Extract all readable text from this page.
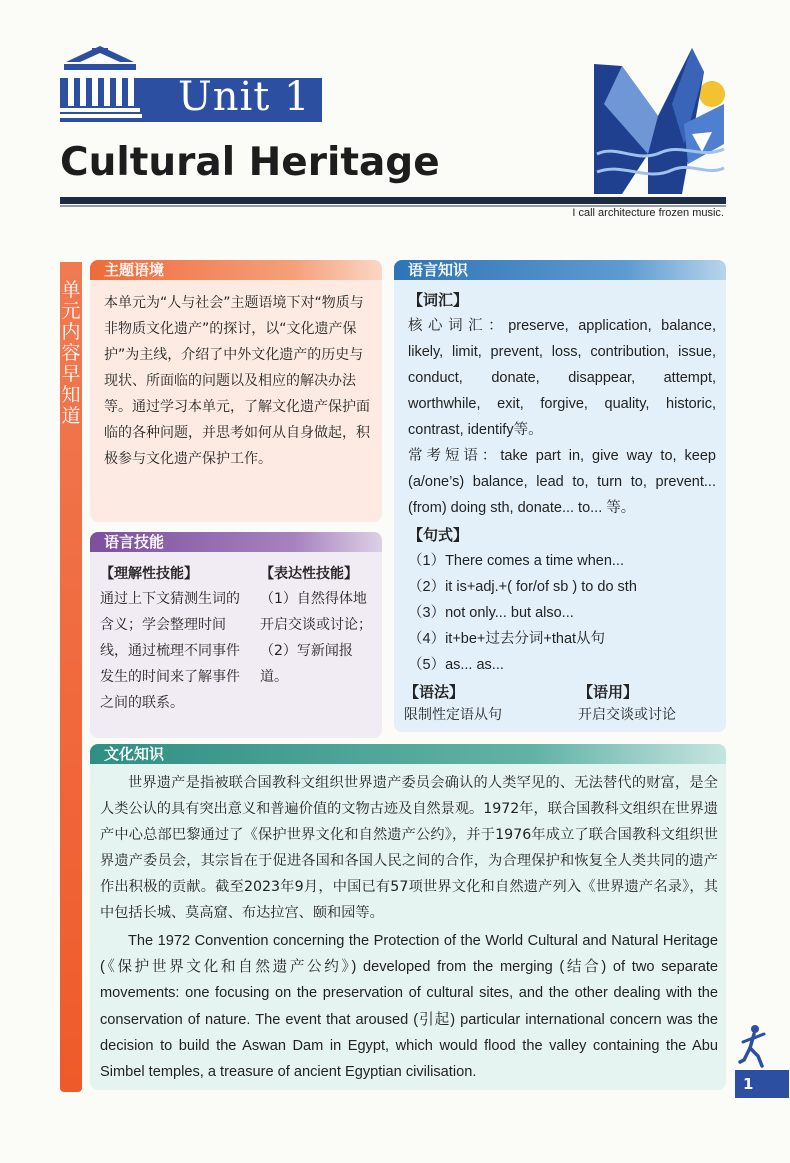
Unit 1
Cultural Heritage
I call architecture frozen music.
单元内容早知道
主题语境
本单元为“人与社会”主题语境下对“物质与非物质文化遗产”的探讨，以“文化遗产保护”为主线，介绍了中外文化遗产的历史与现状、所面临的问题以及相应的解决办法等。通过学习本单元，了解文化遗产保护面临的各种问题，并思考如何从自身做起，积极参与文化遗产保护工作。
语言技能
【理解性技能】
通过上下文猜测生词的含义；学会整理时间线，通过梳理不同事件发生的时间来了解事件之间的联系。
【表达性技能】
（1）自然得体地开启交谈或讨论；
（2）写新闻报道。
语言知识
【词汇】
核心词汇：preserve, application, balance, likely, limit, prevent, loss, contribution, issue, conduct, donate, disappear, attempt, worthwhile, exit, forgive, quality, historic, contrast, identify等。
常考短语：take part in, give way to, keep (a/one’s) balance, lead to, turn to, prevent...(from) doing sth, donate... to... 等。
【句式】
（1）There comes a time when...
（2）it is+adj.+( for/of sb ) to do sth
（3）not only... but also...
（4）it+be+过去分词+that从句
（5）as... as...
【语法】
限制性定语从句
【语用】
开启交谈或讨论
文化知识
世界遗产是指被联合国教科文组织世界遗产委员会确认的人类罕见的、无法替代的财富，是全人类公认的具有突出意义和普遍价值的文物古迹及自然景观。1972年，联合国教科文组织在世界遗产中心总部巴黎通过了《保护世界文化和自然遗产公约》，并于1976年成立了联合国教科文组织世界遗产委员会，其宗旨在于促进各国和各国人民之间的合作，为合理保护和恢复全人类共同的遗产作出积极的贡献。截至2023年9月，中国已有57项世界文化和自然遗产列入《世界遗产名录》，其中包括长城、莫高窟、布达拉宫、颐和园等。
The 1972 Convention concerning the Protection of the World Cultural and Natural Heritage (《保护世界文化和自然遗产公约》) developed from the merging (结合) of two separate movements: one focusing on the preservation of cultural sites, and the other dealing with the conservation of nature. The event that aroused (引起) particular international concern was the decision to build the Aswan Dam in Egypt, which would flood the valley containing the Abu Simbel temples, a treasure of ancient Egyptian civilisation.
1
